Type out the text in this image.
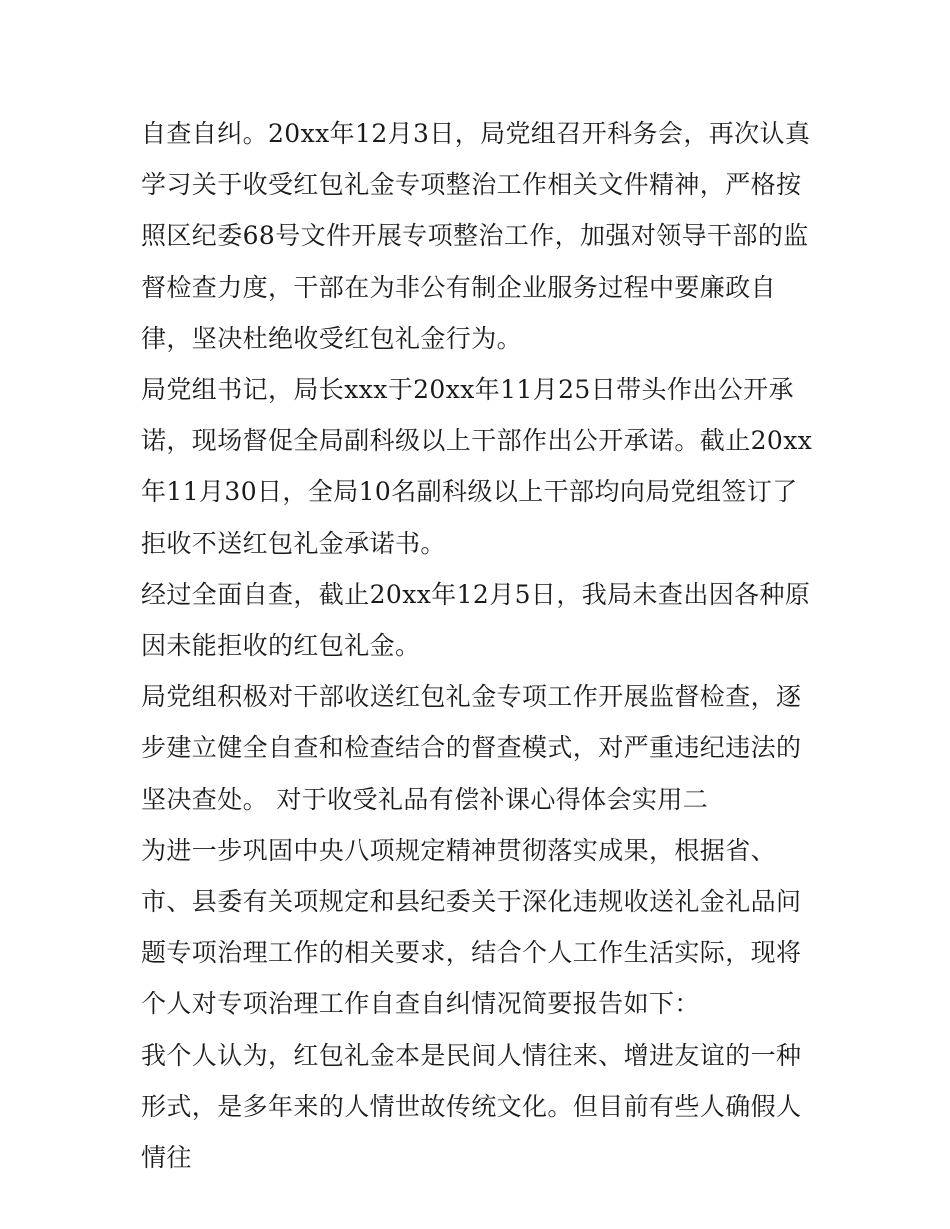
自查自纠。20xx年12月3日，局党组召开科务会，再次认真学习关于收受红包礼金专项整治工作相关文件精神，严格按照区纪委68号文件开展专项整治工作，加强对领导干部的监督检查力度，干部在为非公有制企业服务过程中要廉政自律，坚决杜绝收受红包礼金行为。

局党组书记，局长xxx于20xx年11月25日带头作出公开承诺，现场督促全局副科级以上干部作出公开承诺。截止20xx年11月30日，全局10名副科级以上干部均向局党组签订了拒收不送红包礼金承诺书。

经过全面自查，截止20xx年12月5日，我局未查出因各种原因未能拒收的红包礼金。

局党组积极对干部收送红包礼金专项工作开展监督检查，逐步建立健全自查和检查结合的督查模式，对严重违纪违法的坚决查处。 对于收受礼品有偿补课心得体会实用二

为进一步巩固中央八项规定精神贯彻落实成果，根据省、市、县委有关项规定和县纪委关于深化违规收送礼金礼品问题专项治理工作的相关要求，结合个人工作生活实际，现将个人对专项治理工作自查自纠情况简要报告如下：

我个人认为，红包礼金本是民间人情往来、增进友谊的一种形式，是多年来的人情世故传统文化。但目前有些人确假人情往
